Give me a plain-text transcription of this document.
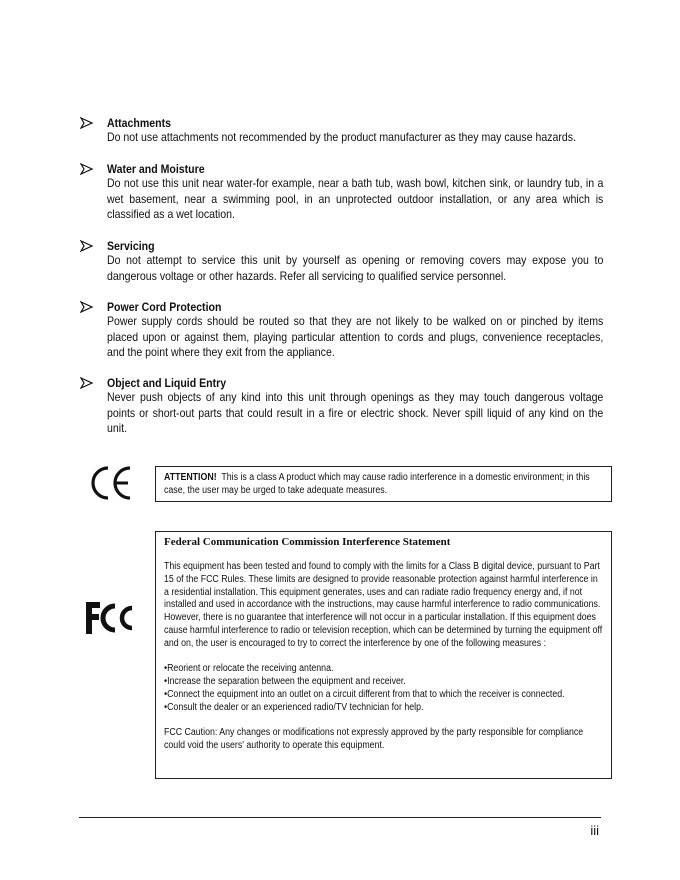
Attachments
Do not use attachments not recommended by the product manufacturer as they may cause hazards.
Water and Moisture
Do not use this unit near water-for example, near a bath tub, wash bowl, kitchen sink, or laundry tub, in a wet basement, near a swimming pool, in an unprotected outdoor installation, or any area which is classified as a wet location.
Servicing
Do not attempt to service this unit by yourself as opening or removing covers may expose you to dangerous voltage or other hazards. Refer all servicing to qualified service personnel.
Power Cord Protection
Power supply cords should be routed so that they are not likely to be walked on or pinched by items placed upon or against them, playing particular attention to cords and plugs, convenience receptacles, and the point where they exit from the appliance.
Object and Liquid Entry
Never push objects of any kind into this unit through openings as they may touch dangerous voltage points or short-out parts that could result in a fire or electric shock. Never spill liquid of any kind on the unit.
ATTENTION! This is a class A product which may cause radio interference in a domestic environment; in this case, the user may be urged to take adequate measures.
Federal Communication Commission Interference Statement

This equipment has been tested and found to comply with the limits for a Class B digital device, pursuant to Part 15 of the FCC Rules. These limits are designed to provide reasonable protection against harmful interference in a residential installation. This equipment generates, uses and can radiate radio frequency energy and, if not installed and used in accordance with the instructions, may cause harmful interference to radio communications. However, there is no guarantee that interference will not occur in a particular installation. If this equipment does cause harmful interference to radio or television reception, which can be determined by turning the equipment off and on, the user is encouraged to try to correct the interference by one of the following measures :

•Reorient or relocate the receiving antenna.

•Increase the separation between the equipment and receiver.

•Connect the equipment into an outlet on a circuit different from that to which the receiver is connected.

•Consult the dealer or an experienced radio/TV technician for help.

FCC Caution: Any changes or modifications not expressly approved by the party responsible for compliance could void the users' authority to operate this equipment.

iii
